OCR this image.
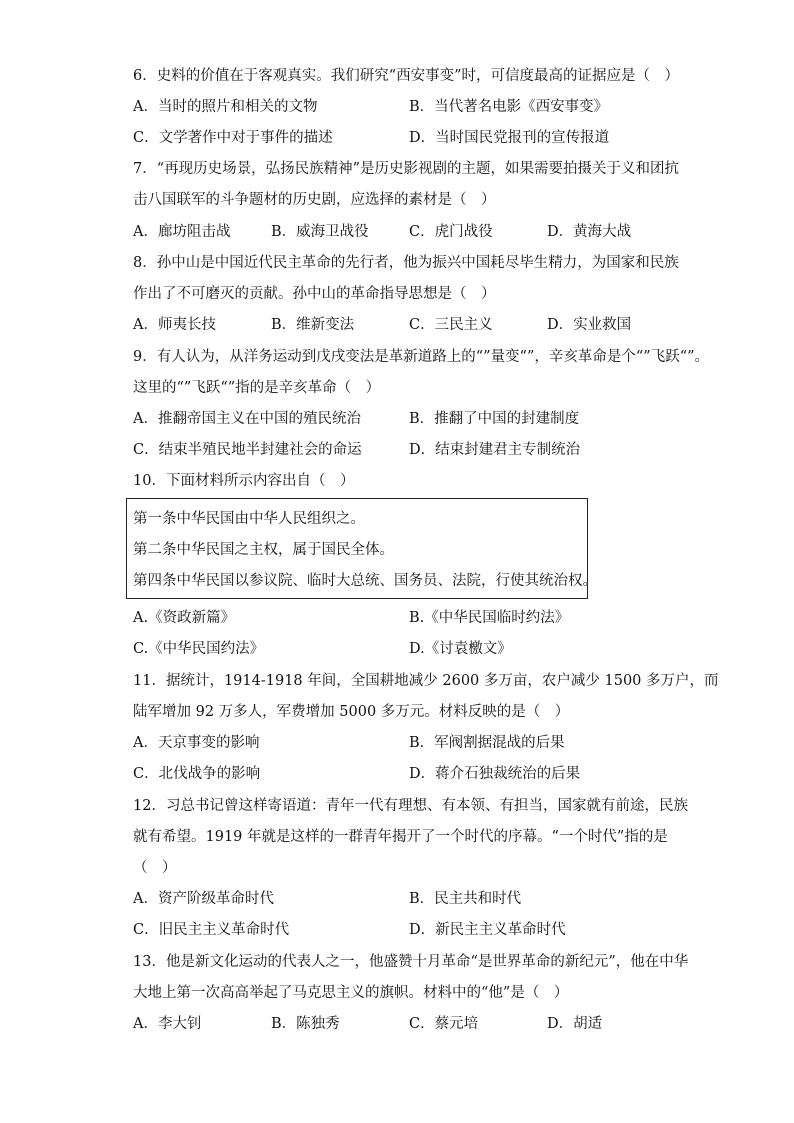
6．史料的价值在于客观真实。我们研究“西安事变”时，可信度最高的证据应是（　）
A．当时的照片和相关的文物	B．当代著名电影《西安事变》
C．文学著作中对于事件的描述	D．当时国民党报刊的宣传报道
7．“再现历史场景，弘扬民族精神”是历史影视剧的主题，如果需要拍摄关于义和团抗
击八国联军的斗争题材的历史剧，应选择的素材是（　）
A．廊坊阻击战	B．威海卫战役	C．虎门战役	D．黄海大战
8．孙中山是中国近代民主革命的先行者，他为振兴中国耗尽毕生精力，为国家和民族
作出了不可磨灭的贡献。孙中山的革命指导思想是（　）
A．师夷长技	B．维新变法	C．三民主义	D．实业救国
9．有人认为，从洋务运动到戊戌变法是革新道路上的“”量变“”，辛亥革命是个“”飞跃“”。
这里的“”飞跃“”指的是辛亥革命（　）
A．推翻帝国主义在中国的殖民统治	B．推翻了中国的封建制度
C．结束半殖民地半封建社会的命运	D．结束封建君主专制统治
10．下面材料所示内容出自（　）
第一条中华民国由中华人民组织之。
第二条中华民国之主权，属于国民全体。
第四条中华民国以参议院、临时大总统、国务员、法院，行使其统治权。
A.《资政新篇》	B.《中华民国临时约法》
C.《中华民国约法》	D.《讨袁檄文》
11．据统计，1914-1918 年间，全国耕地减少 2600 多万亩，农户减少 1500 多万户，而
陆军增加 92 万多人，军费增加 5000 多万元。材料反映的是（　）
A．天京事变的影响	B．军阀割据混战的后果
C．北伐战争的影响	D．蒋介石独裁统治的后果
12．习总书记曾这样寄语道：青年一代有理想、有本领、有担当，国家就有前途，民族
就有希望。1919 年就是这样的一群青年揭开了一个时代的序幕。“一个时代”指的是
（　）
A．资产阶级革命时代	B．民主共和时代
C．旧民主主义革命时代	D．新民主主义革命时代
13．他是新文化运动的代表人之一，他盛赞十月革命“是世界革命的新纪元”，他在中华
大地上第一次高高举起了马克思主义的旗帜。材料中的“他”是（　）
A．李大钊	B．陈独秀	C．蔡元培	D．胡适
